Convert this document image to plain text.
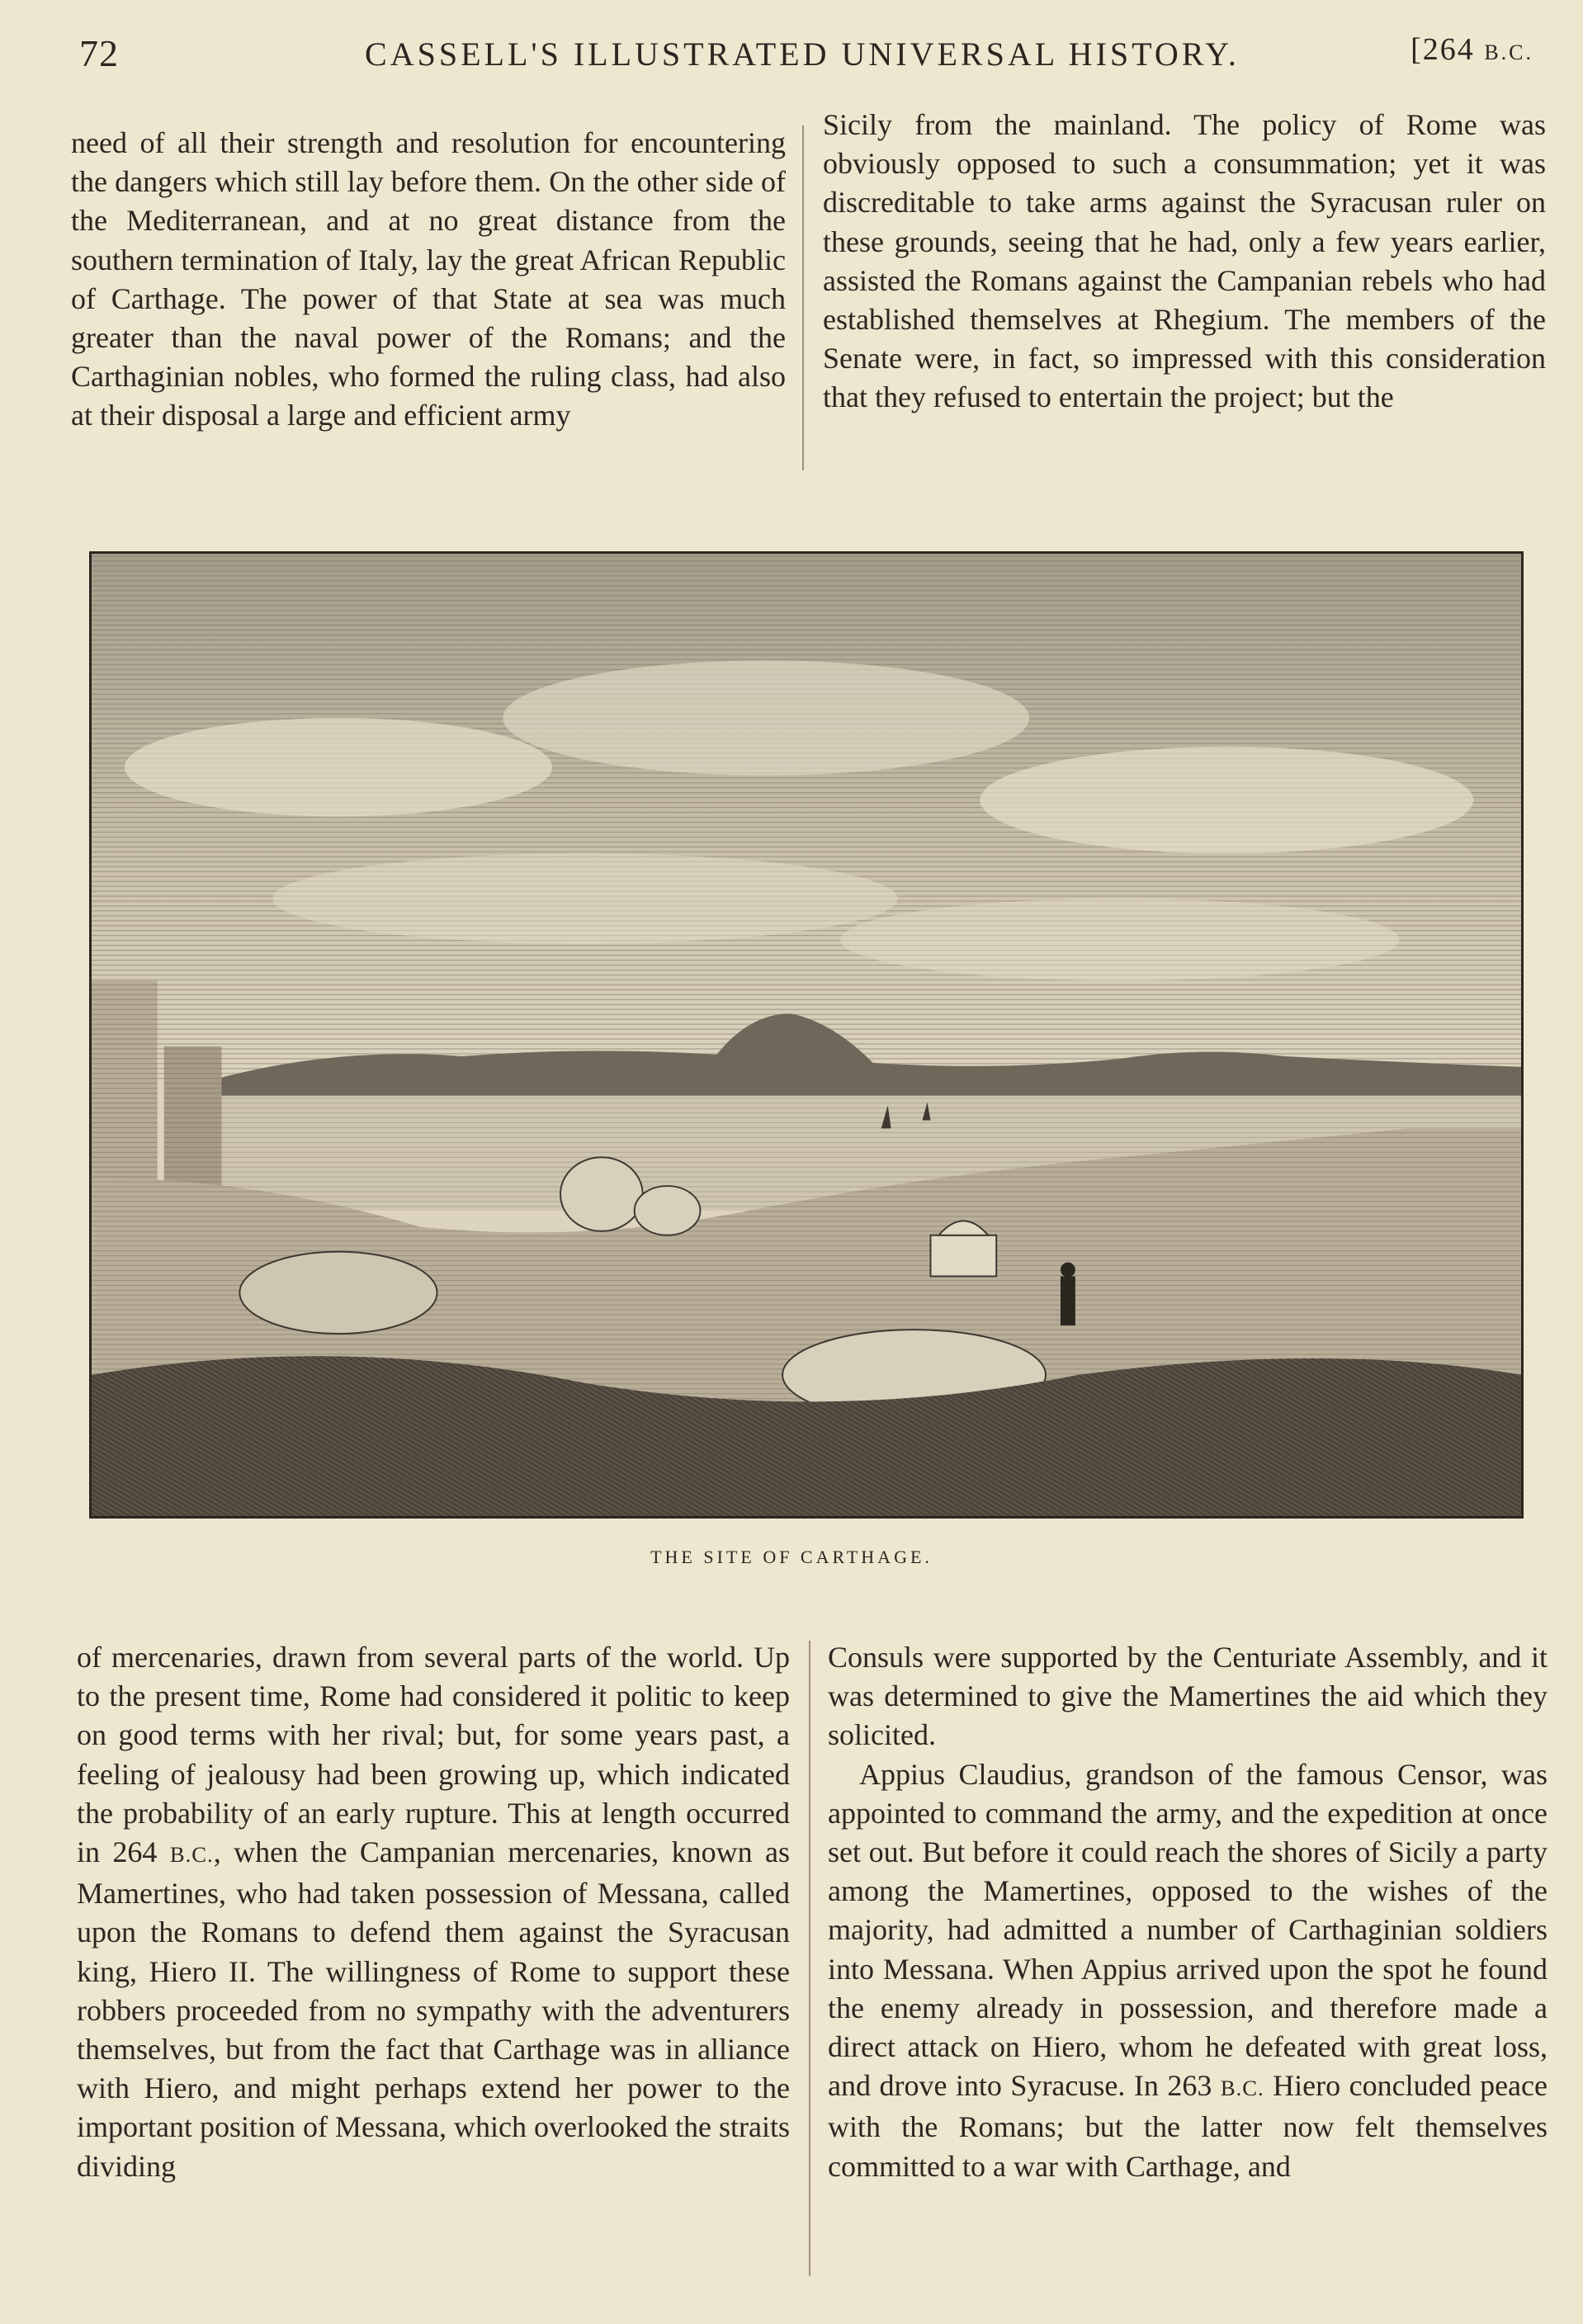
72	CASSELL'S ILLUSTRATED UNIVERSAL HISTORY.	[264 B.C.

need of all their strength and resolution for encountering the dangers which still lay before them. On the other side of the Mediterranean, and at no great distance from the southern termination of Italy, lay the great African Republic of Carthage. The power of that State at sea was much greater than the naval power of the Romans; and the Carthaginian nobles, who formed the ruling class, had also at their disposal a large and efficient army

Sicily from the mainland. The policy of Rome was obviously opposed to such a consummation; yet it was discreditable to take arms against the Syracusan ruler on these grounds, seeing that he had, only a few years earlier, assisted the Romans against the Campanian rebels who had established themselves at Rhegium. The members of the Senate were, in fact, so impressed with this consideration that they refused to entertain the project; but the

THE SITE OF CARTHAGE.

of mercenaries, drawn from several parts of the world. Up to the present time, Rome had considered it politic to keep on good terms with her rival; but, for some years past, a feeling of jealousy had been growing up, which indicated the probability of an early rupture. This at length occurred in 264 B.C., when the Campanian mercenaries, known as Mamertines, who had taken possession of Messana, called upon the Romans to defend them against the Syracusan king, Hiero II. The willingness of Rome to support these robbers proceeded from no sympathy with the adventurers themselves, but from the fact that Carthage was in alliance with Hiero, and might perhaps extend her power to the important position of Messana, which overlooked the straits dividing

Consuls were supported by the Centuriate Assembly, and it was determined to give the Mamertines the aid which they solicited.

Appius Claudius, grandson of the famous Censor, was appointed to command the army, and the expedition at once set out. But before it could reach the shores of Sicily a party among the Mamertines, opposed to the wishes of the majority, had admitted a number of Carthaginian soldiers into Messana. When Appius arrived upon the spot he found the enemy already in possession, and therefore made a direct attack on Hiero, whom he defeated with great loss, and drove into Syracuse. In 263 B.C. Hiero concluded peace with the Romans; but the latter now felt themselves committed to a war with Carthage, and
